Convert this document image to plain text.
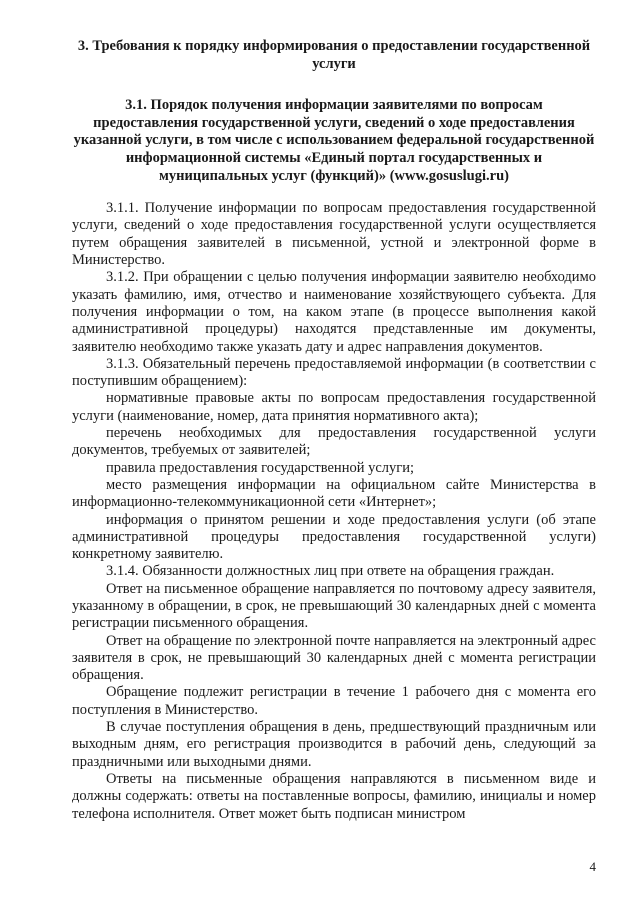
3. Требования к порядку информирования о предоставлении государственной услуги
3.1. Порядок получения информации заявителями по вопросам предоставления государственной услуги, сведений о ходе предоставления указанной услуги, в том числе с использованием федеральной государственной информационной системы «Единый портал государственных и муниципальных услуг (функций)» (www.gosuslugi.ru)

3.1.1. Получение информации по вопросам предоставления государственной услуги, сведений о ходе предоставления государственной услуги осуществляется путем обращения заявителей в письменной, устной и электронной форме в Министерство.

3.1.2. При обращении с целью получения информации заявителю необходимо указать фамилию, имя, отчество и наименование хозяйствующего субъекта. Для получения информации о том, на каком этапе (в процессе выполнения какой административной процедуры) находятся представленные им документы, заявителю необходимо также указать дату и адрес направления документов.

3.1.3. Обязательный перечень предоставляемой информации (в соответствии с поступившим обращением):

нормативные правовые акты по вопросам предоставления государственной услуги (наименование, номер, дата принятия нормативного акта);

перечень необходимых для предоставления государственной услуги документов, требуемых от заявителей;

правила предоставления государственной услуги;

место размещения информации на официальном сайте Министерства в информационно-телекоммуникационной сети «Интернет»;

информация о принятом решении и ходе предоставления услуги (об этапе административной процедуры предоставления государственной услуги) конкретному заявителю.

3.1.4. Обязанности должностных лиц при ответе на обращения граждан.

Ответ на письменное обращение направляется по почтовому адресу заявителя, указанному в обращении, в срок, не превышающий 30 календарных дней с момента регистрации письменного обращения.

Ответ на обращение по электронной почте направляется на электронный адрес заявителя в срок, не превышающий 30 календарных дней с момента регистрации обращения.

Обращение подлежит регистрации в течение 1 рабочего дня с момента его поступления в Министерство.

В случае поступления обращения в день, предшествующий праздничным или выходным дням, его регистрация производится в рабочий день, следующий за праздничными или выходными днями.

Ответы на письменные обращения направляются в письменном виде и должны содержать: ответы на поставленные вопросы, фамилию, инициалы и номер телефона исполнителя. Ответ может быть подписан министром

4
